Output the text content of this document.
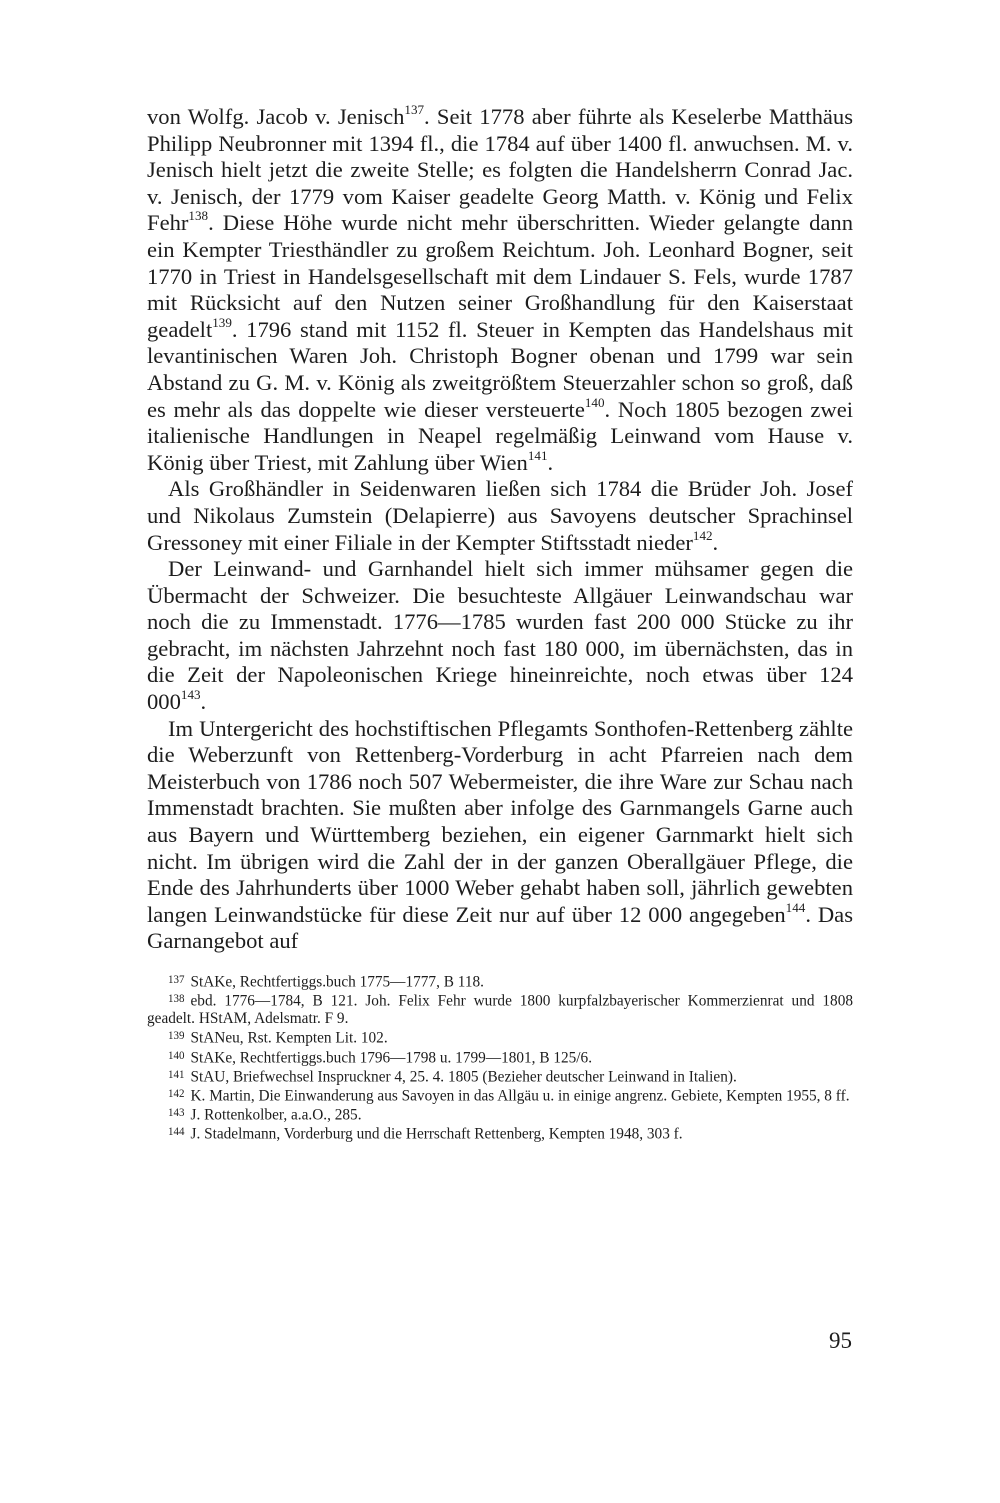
von Wolfg. Jacob v. Jenisch$^{137}$. Seit 1778 aber führte als Keselerbe Matthäus Philipp Neubronner mit 1394 fl., die 1784 auf über 1400 fl. anwuchsen. M. v. Jenisch hielt jetzt die zweite Stelle; es folgten die Handelsherrn Conrad Jac. v. Jenisch, der 1779 vom Kaiser geadelte Georg Matth. v. König und Felix Fehr$^{138}$. Diese Höhe wurde nicht mehr überschritten. Wieder gelangte dann ein Kempter Triesthändler zu großem Reichtum. Joh. Leonhard Bogner, seit 1770 in Triest in Handelsgesellschaft mit dem Lindauer S. Fels, wurde 1787 mit Rücksicht auf den Nutzen seiner Großhandlung für den Kaiserstaat geadelt$^{139}$. 1796 stand mit 1152 fl. Steuer in Kempten das Handelshaus mit levantinischen Waren Joh. Christoph Bogner obenan und 1799 war sein Abstand zu G. M. v. König als zweitgrößtem Steuerzahler schon so groß, daß es mehr als das doppelte wie dieser versteuerte$^{140}$. Noch 1805 bezogen zwei italienische Handlungen in Neapel regelmäßig Leinwand vom Hause v. König über Triest, mit Zahlung über Wien$^{141}$.

Als Großhändler in Seidenwaren ließen sich 1784 die Brüder Joh. Josef und Nikolaus Zumstein (Delapierre) aus Savoyens deutscher Sprachinsel Gressoney mit einer Filiale in der Kempter Stiftsstadt nieder$^{142}$.

Der Leinwand- und Garnhandel hielt sich immer mühsamer gegen die Übermacht der Schweizer. Die besuchteste Allgäuer Leinwandschau war noch die zu Immenstadt. 1776—1785 wurden fast 200 000 Stücke zu ihr gebracht, im nächsten Jahrzehnt noch fast 180 000, im übernächsten, das in die Zeit der Napoleonischen Kriege hineinreichte, noch etwas über 124 $000^{143}$.

Im Untergericht des hochstiftischen Pflegamts Sonthofen-Rettenberg zählte die Weberzunft von Rettenberg-Vorderburg in acht Pfarreien nach dem Meisterbuch von 1786 noch 507 Webermeister, die ihre Ware zur Schau nach Immenstadt brachten. Sie mußten aber infolge des Garnmangels Garne auch aus Bayern und Württemberg beziehen, ein eigener Garnmarkt hielt sich nicht. Im übrigen wird die Zahl der in der ganzen Oberallgäuer Pflege, die Ende des Jahrhunderts über 1000 Weber gehabt haben soll, jährlich gewebten langen Leinwandstücke für diese Zeit nur auf über 12 000 angegeben$^{144}$. Das Garnangebot auf

$^{137}$ StAKe, Rechtfertiggs.buch 1775—1777, B 118.

$^{138}$ ebd. 1776—1784, B 121. Joh. Felix Fehr wurde 1800 kurpfalzbayerischer Kommerzienrat und 1808 geadelt. HStAM, Adelsmatr. F 9.

$^{139}$ StANeu, Rst. Kempten Lit. 102.

$^{140}$ StAKe, Rechtfertiggs.buch 1796—1798 u. 1799—1801, B 125/6.

$^{141}$ StAU, Briefwechsel Inspruckner 4, 25. 4. 1805 (Bezieher deutscher Leinwand in Italien).

$^{142}$ K. Martin, Die Einwanderung aus Savoyen in das Allgäu u. in einige angrenz. Gebiete, Kempten 1955, 8 ff.

$^{143}$ J. Rottenkolber, a.a.O., 285.

$^{144}$ J. Stadelmann, Vorderburg und die Herrschaft Rettenberg, Kempten 1948, 303 f.

95
